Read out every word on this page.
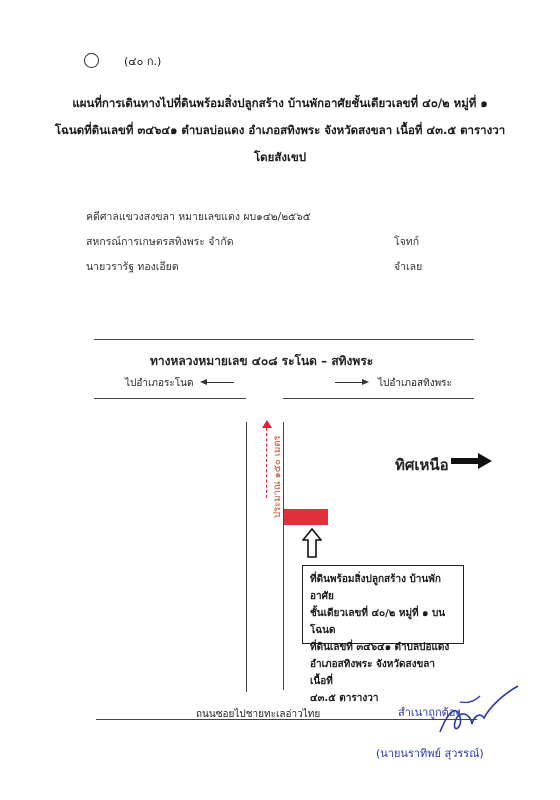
(๔๐ ก.)
แผนที่การเดินทางไปที่ดินพร้อมสิ่งปลูกสร้าง บ้านพักอาศัยชั้นเดียวเลขที่ ๔๐/๒ หมู่ที่ ๑
โฉนดที่ดินเลขที่ ๓๔๖๔๑ ตำบลบ่อแดง อำเภอสทิงพระ จังหวัดสงขลา เนื้อที่ ๔๓.๕ ตารางวา
โดยสังเขป
คดีศาลแขวงสงขลา หมายเลขแดง ผบ๑๔๒/๒๕๖๕
สหกรณ์การเกษตรสทิงพระ จำกัด	โจทก์
นายวรารัฐ ทองเอียด	จำเลย
ทางหลวงหมายเลข ๔๐๘ ระโนด – สทิงพระ
ไปอำเภอระโนด	ไปอำเภอสทิงพระ
ถนนซอยไปชายทะเลอ่าวไทย
ประมาณ ๑๕๐ เมตร	ทิศเหนือ
ที่ดินพร้อมสิ่งปลูกสร้าง บ้านพักอาศัย
ชั้นเดียวเลขที่ ๔๐/๒ หมู่ที่ ๑ บนโฉนด
ที่ดินเลขที่ ๓๔๖๔๑ ตำบลบ่อแดง
อำเภอสทิงพระ จังหวัดสงขลา เนื้อที่
๔๓.๕ ตารางวา
สำเนาถูกต้อง
(นายนราทิพย์ สุวรรณ์)
